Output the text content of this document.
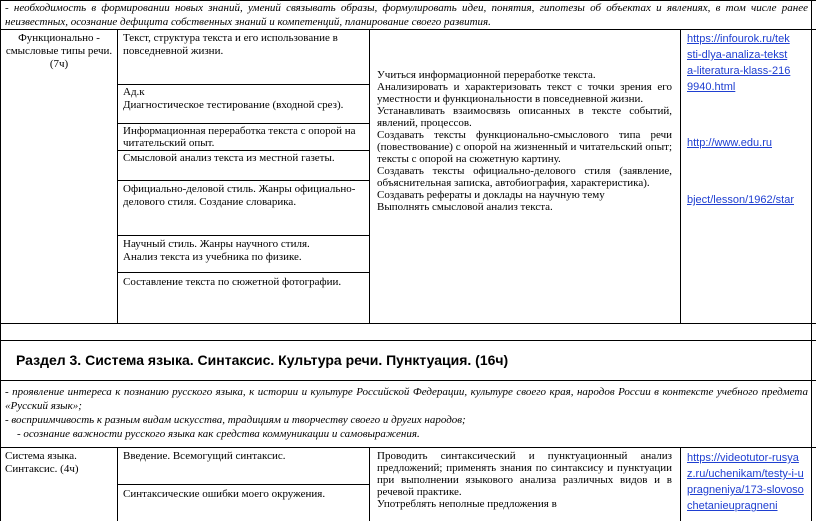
- необходимость в формировании новых знаний, умений связывать образы, формулировать идеи, понятия, гипотезы об объектах и явлениях, в том числе ранее неизвестных, осознание дефицита собственных знаний и компетенций, планирование своего развития.
Функционально - смысловые типы речи. (7ч)
Текст, структура текста и его использование в повседневной жизни.
Ад.к
Диагностическое тестирование (входной срез).
Информационная переработка текста с опорой на читательский опыт.
Смысловой анализ текста из местной газеты.
Официально-деловой стиль. Жанры официально-делового стиля. Создание словарика.
Научный стиль. Жанры научного стиля.
Анализ текста из учебника по физике.
Составление текста по сюжетной фотографии.
Учиться информационной переработке текста.
Анализировать и характеризовать текст с точки зрения его уместности и функциональности в повседневной жизни.
Устанавливать взаимосвязь описанных в тексте событий, явлений, процессов.
Создавать тексты функционально-смыслового типа речи (повествование) с опорой на жизненный и читательский опыт; тексты с опорой на сюжетную картину.
Создавать тексты официально-делового стиля (заявление, объяснительная записка, автобиография, характеристика).
Создавать рефераты и доклады на научную тему
Выполнять смысловой анализ текста.
https://infourok.ru/teksti-dlya-analiza-teksta-literatura-klass-2169940.html
http://www.edu.ru
bject/lesson/1962/star
Раздел 3. Система языка. Синтаксис. Культура речи. Пунктуация. (16ч)
- проявление интереса к познанию русского языка, к истории и культуре Российской Федерации, культуре своего края, народов России в контексте учебного предмета «Русский язык»;
- восприимчивость к разным видам искусства, традициям и творчеству своего и других народов;
- осознание важности русского языка как средства коммуникации и самовыражения.
Система языка.
Синтаксис. (4ч)
Введение. Всемогущий синтаксис.
Синтаксические ошибки моего окружения.
Проводить синтаксический и пунктуационный анализ предложений; применять знания по синтаксису и пунктуации при выполнении языкового анализа различных видов и в речевой практике.
Употреблять неполные предложения в
https://videotutor-rusyaz.ru/uchenikam/testy-i-upragneniya/173-slovosochetanieupragneni
